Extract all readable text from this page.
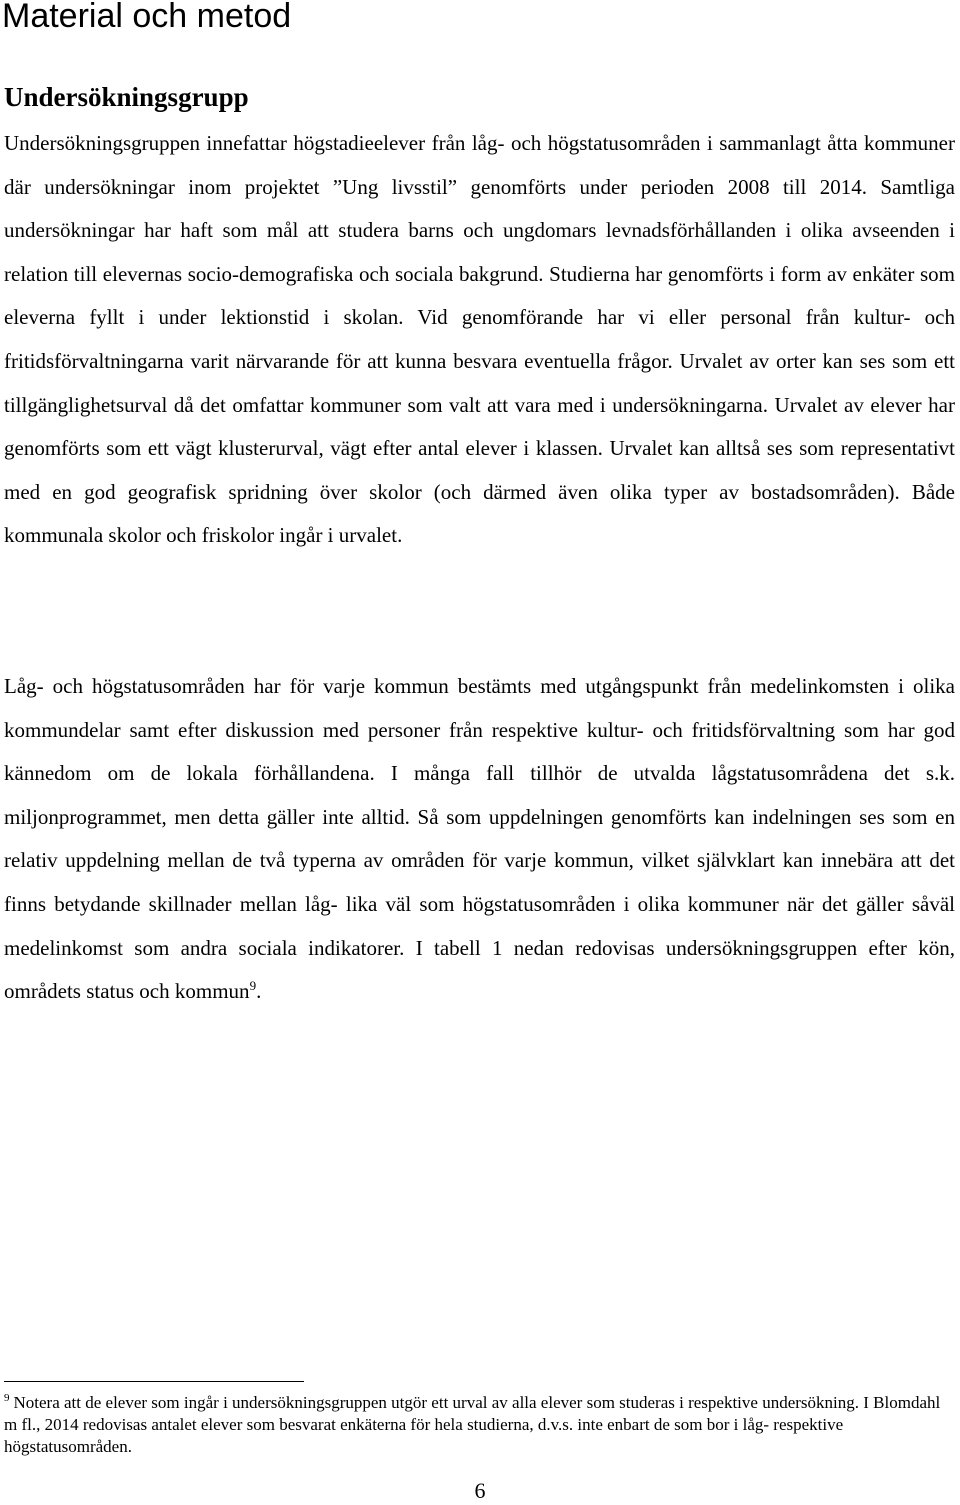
Material och metod
Undersökningsgrupp

Undersökningsgruppen innefattar högstadieelever från låg- och högstatusområden i sammanlagt åtta kommuner där undersökningar inom projektet ”Ung livsstil” genomförts under perioden 2008 till 2014. Samtliga undersökningar har haft som mål att studera barns och ungdomars levnadsförhållanden i olika avseenden i relation till elevernas socio-demografiska och sociala bakgrund. Studierna har genomförts i form av enkäter som eleverna fyllt i under lektionstid i skolan. Vid genomförande har vi eller personal från kultur- och fritidsförvaltningarna varit närvarande för att kunna besvara eventuella frågor. Urvalet av orter kan ses som ett tillgänglighetsurval då det omfattar kommuner som valt att vara med i undersökningarna. Urvalet av elever har genomförts som ett vägt klusterurval, vägt efter antal elever i klassen. Urvalet kan alltså ses som representativt med en god geografisk spridning över skolor (och därmed även olika typer av bostadsområden). Både kommunala skolor och friskolor ingår i urvalet.

Låg- och högstatusområden har för varje kommun bestämts med utgångspunkt från medelinkomsten i olika kommundelar samt efter diskussion med personer från respektive kultur- och fritidsförvaltning som har god kännedom om de lokala förhållandena. I många fall tillhör de utvalda lågstatusområdena det s.k. miljonprogrammet, men detta gäller inte alltid. Så som uppdelningen genomförts kan indelningen ses som en relativ uppdelning mellan de två typerna av områden för varje kommun, vilket självklart kan innebära att det finns betydande skillnader mellan låg- lika väl som högstatusområden i olika kommuner när det gäller såväl medelinkomst som andra sociala indikatorer. I tabell 1 nedan redovisas undersökningsgruppen efter kön, områdets status och kommun$^9$.

$^9$ Notera att de elever som ingår i undersökningsgruppen utgör ett urval av alla elever som studeras i respektive undersökning. I Blomdahl m fl., 2014 redovisas antalet elever som besvarat enkäterna för hela studierna, d.v.s. inte enbart de som bor i låg- respektive högstatusområden.

6
